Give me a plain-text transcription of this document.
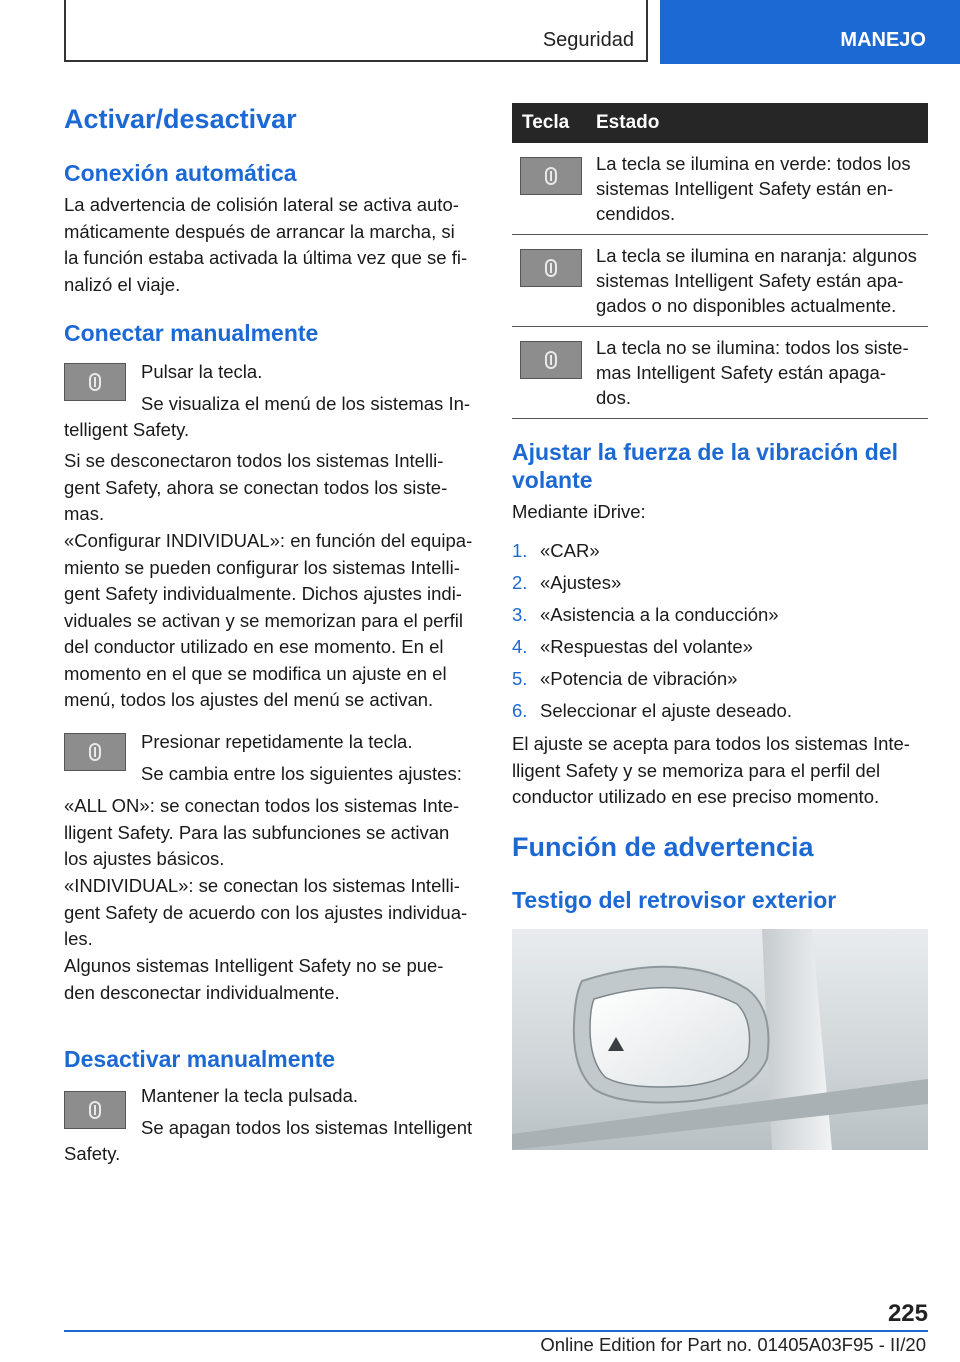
Seguridad	MANEJO
Activar/desactivar
Conexión automática
La advertencia de colisión lateral se activa auto-
máticamente después de arrancar la marcha, si
la función estaba activada la última vez que se fi-
nalizó el viaje.
Conectar manualmente
Pulsar la tecla.
Se visualiza el menú de los sistemas In-
telligent Safety.
Si se desconectaron todos los sistemas Intelli-
gent Safety, ahora se conectan todos los siste-
mas.
«Configurar INDIVIDUAL»: en función del equipa-
miento se pueden configurar los sistemas Intelli-
gent Safety individualmente. Dichos ajustes indi-
viduales se activan y se memorizan para el perfil
del conductor utilizado en ese momento. En el
momento en el que se modifica un ajuste en el
menú, todos los ajustes del menú se activan.
Presionar repetidamente la tecla.
Se cambia entre los siguientes ajustes:
«ALL ON»: se conectan todos los sistemas Inte-
lligent Safety. Para las subfunciones se activan
los ajustes básicos.
«INDIVIDUAL»: se conectan los sistemas Intelli-
gent Safety de acuerdo con los ajustes individua-
les.
Algunos sistemas Intelligent Safety no se pue-
den desconectar individualmente.
Desactivar manualmente
Mantener la tecla pulsada.
Se apagan todos los sistemas Intelligent
Safety.
Tecla	Estado

	La tecla se ilumina en verde: todos los
sistemas Intelligent Safety están en-
cendidos.

	La tecla se ilumina en naranja: algunos
sistemas Intelligent Safety están apa-
gados o no disponibles actualmente.

	La tecla no se ilumina: todos los siste-
mas Intelligent Safety están apaga-
dos.
Ajustar la fuerza de la vibración del
volante
Mediante iDrive:
1. «CAR»
2. «Ajustes»
3. «Asistencia a la conducción»
4. «Respuestas del volante»
5. «Potencia de vibración»
6. Seleccionar el ajuste deseado.
El ajuste se acepta para todos los sistemas Inte-
lligent Safety y se memoriza para el perfil del
conductor utilizado en ese preciso momento.
Función de advertencia
Testigo del retrovisor exterior
225
Online Edition for Part no. 01405A03F95 - II/20
